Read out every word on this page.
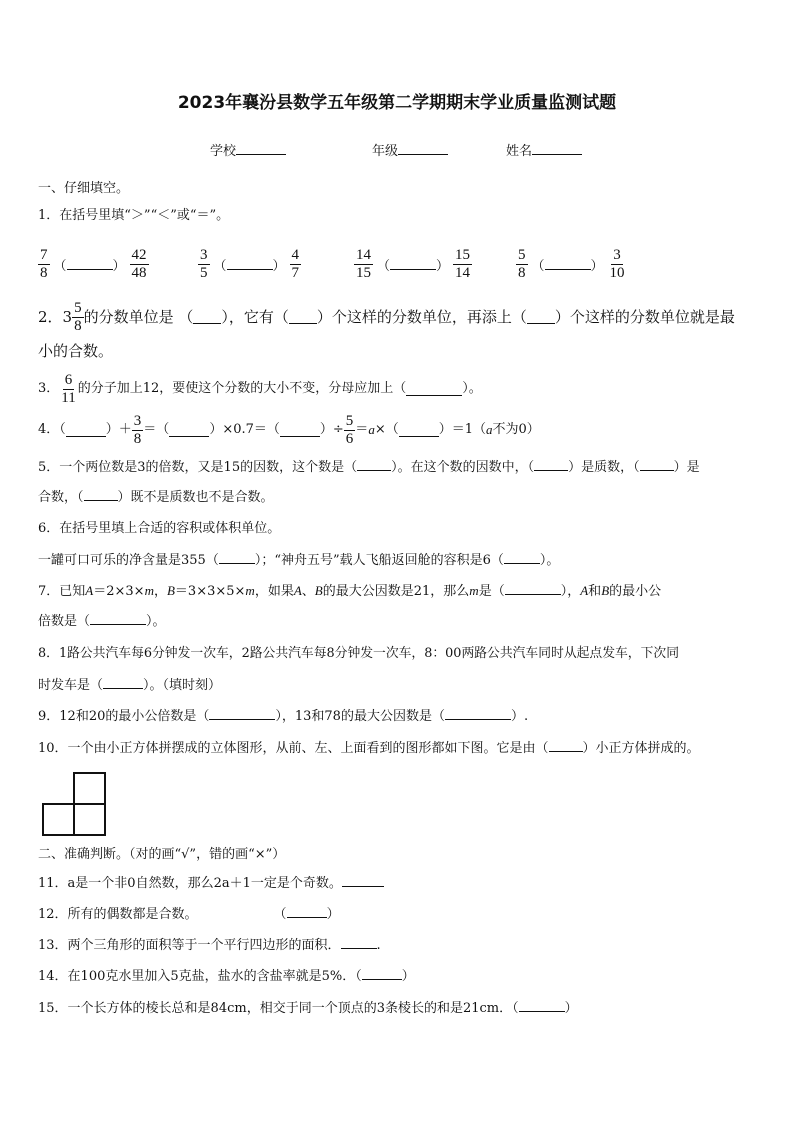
2023年襄汾县数学五年级第二学期期末学业质量监测试题
学校	年级	姓名
一、仔细填空。
1．在括号里填“＞”“＜”或“＝”。
$\frac{7}{8}$ （	） $\frac{42}{48}$	$\frac{3}{5}$ （	） $\frac{4}{7}$	$\frac{14}{15}$ （	） $\frac{15}{14}$	$\frac{5}{8}$ （	） $\frac{3}{10}$
2． $3 \frac{5}{8}$ 的分数单位是 （ ），它有（ ）个这样的分数单位，再添上（ ）个这样的分数单位就是最
小的合数。
3． $\frac{6}{11}$ 的分子加上12，要使这个分数的大小不变，分母应加上（	）。
4．（	）＋ $\frac{3}{8}$ ＝（	）×0.7＝（	）÷ $\frac{5}{6} = a$ ×（	）＝1（ a 不为0）
5．一个两位数是3的倍数，又是15的因数，这个数是（	）。在这个数的因数中，（	）是质数，（	）是
合数，（	）既不是质数也不是合数。
6．在括号里填上合适的容积或体积单位。
一罐可口可乐的净含量是355（	）；“神舟五号”载人飞船返回舱的容积是6（	）。
7．已知A＝2×3×m，B＝3×3×5×m，如果A、B的最大公因数是21，那么m是（	），A和B的最小公
倍数是（	）。
8．1路公共汽车每6分钟发一次车，2路公共汽车每8分钟发一次车，8：00两路公共汽车同时从起点发车，下次同
时发车是（	）。（填时刻）
9．12和20的最小公倍数是（	），13和78的最大公因数是（	）.
10．一个由小正方体拼摆成的立体图形，从前、左、上面看到的图形都如下图。它是由（	）小正方体拼成的。
二、准确判断。（对的画“√”，错的画“×”）
11．a是一个非0自然数，那么2a＋1一定是个奇数。
12．所有的偶数都是合数。	（	）
13．两个三角形的面积等于一个平行四边形的面积．	.
14．在100克水里加入5克盐，盐水的含盐率就是5%．（	）
15．一个长方体的棱长总和是84cm，相交于同一个顶点的3条棱长的和是21cm．（	）
